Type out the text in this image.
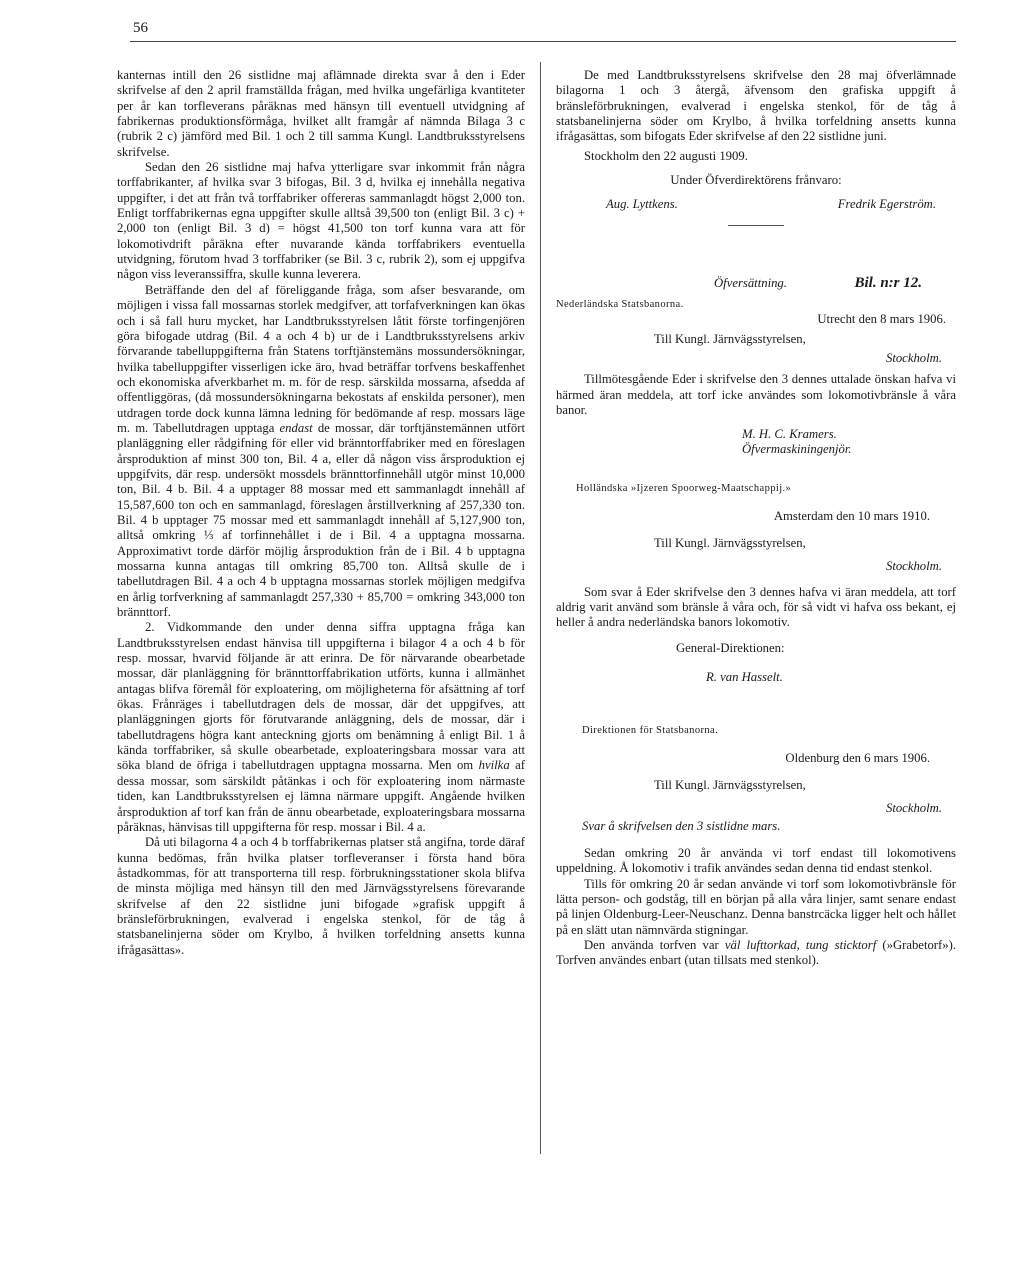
56

kanternas intill den 26 sistlidne maj aflämnade direkta svar å den i Eder skrifvelse af den 2 april framställda frågan, med hvilka ungefärliga kvantiteter per år kan torfleverans påräknas med hänsyn till eventuell utvidgning af fabrikernas produktionsförmåga, hvilket allt framgår af nämnda Bilaga 3 c (rubrik 2 c) jämförd med Bil. 1 och 2 till samma Kungl. Landtbruksstyrelsens skrifvelse.

Sedan den 26 sistlidne maj hafva ytterligare svar inkommit från några torffabrikanter, af hvilka svar 3 bifogas, Bil. 3 d, hvilka ej innehålla negativa uppgifter, i det att från två torffabriker offereras sammanlagdt högst 2,000 ton. Enligt torffabrikernas egna uppgifter skulle alltså 39,500 ton (enligt Bil. 3 c) + 2,000 ton (enligt Bil. 3 d) = högst 41,500 ton torf kunna vara att för lokomotivdrift påräkna efter nuvarande kända torffabrikers eventuella utvidgning, förutom hvad 3 torffabriker (se Bil. 3 c, rubrik 2), som ej uppgifva någon viss leveranssiffra, skulle kunna leverera.

Beträffande den del af föreliggande fråga, som afser besvarande, om möjligen i vissa fall mossarnas storlek medgifver, att torfafverkningen kan ökas och i så fall huru mycket, har Landtbruksstyrelsen låtit förste torfingenjören göra bifogade utdrag (Bil. 4 a och 4 b) ur de i Landtbruksstyrelsens arkiv förvarande tabelluppgifterna från Statens torftjänstemäns mossundersökningar, hvilka tabelluppgifter visserligen icke äro, hvad beträffar torfvens beskaffenhet och ekonomiska afverkbarhet m. m. för de resp. särskilda mossarna, afsedda af offentliggöras, (då mossundersökningarna bekostats af enskilda personer), men utdragen torde dock kunna lämna ledning för bedömande af resp. mossars läge m. m. Tabellutdragen upptaga endast de mossar, där torftjänstemännen utfört planläggning eller rådgifning för eller vid bränntorffabriker med en föreslagen årsproduktion af minst 300 ton, Bil. 4 a, eller då någon viss årsproduktion ej uppgifvits, där resp. undersökt mossdels brännttorfinnehåll utgör minst 10,000 ton, Bil. 4 b. Bil. 4 a upptager 88 mossar med ett sammanlagdt innehåll af 15,587,600 ton och en sammanlagd, föreslagen årstillverkning af 257,330 ton. Bil. 4 b upptager 75 mossar med ett sammanlagdt innehåll af 5,127,900 ton, alltså omkring ⅓ af torfinnehållet i de i Bil. 4 a upptagna mossarna. Approximativt torde därför möjlig årsproduktion från de i Bil. 4 b upptagna mossarna kunna antagas till omkring 85,700 ton. Alltså skulle de i tabellutdragen Bil. 4 a och 4 b upptagna mossarnas storlek möjligen medgifva en årlig torfverkning af sammanlagdt 257,330 + 85,700 = omkring 343,000 ton brännttorf.

2. Vidkommande den under denna siffra upptagna fråga kan Landtbruksstyrelsen endast hänvisa till uppgifterna i bilagor 4 a och 4 b för resp. mossar, hvarvid följande är att erinra. De för närvarande obearbetade mossar, där planläggning för brännttorffabrikation utförts, kunna i allmänhet antagas blifva föremål för exploatering, om möjligheterna för afsättning af torf ökas. Frånräges i tabellutdragen dels de mossar, där det uppgifves, att planläggningen gjorts för förutvarande anläggning, dels de mossar, där i tabellutdragens högra kant anteckning gjorts om benämning å enligt Bil. 1 å kända torffabriker, så skulle obearbetade, exploateringsbara mossar vara att söka bland de öfriga i tabellutdragen upptagna mossarna. Men om hvilka af dessa mossar, som särskildt påtänkas i och för exploatering inom närmaste tiden, kan Landtbruksstyrelsen ej lämna närmare uppgift. Angående hvilken årsproduktion af torf kan från de ännu obearbetade, exploateringsbara mossarna påräknas, hänvisas till uppgifterna för resp. mossar i Bil. 4 a.

Då uti bilagorna 4 a och 4 b torffabrikernas platser stå angifna, torde däraf kunna bedömas, från hvilka platser torfleveranser i första hand böra åstadkommas, för att transporterna till resp. förbrukningsstationer skola blifva de minsta möjliga med hänsyn till den med Järnvägsstyrelsens förevarande skrifvelse af den 22 sistlidne juni bifogade »grafisk uppgift å bränsleförbrukningen, evalverad i engelska stenkol, för de tåg å statsbanelinjerna söder om Krylbo, å hvilken torfeldning ansetts kunna ifrågasättas».

De med Landtbruksstyrelsens skrifvelse den 28 maj öfverlämnade bilagorna 1 och 3 återgå, äfvensom den grafiska uppgift å bränsleförbrukningen, evalverad i engelska stenkol, för de tåg å statsbanelinjerna söder om Krylbo, å hvilka torfeldning ansetts kunna ifrågasättas, som bifogats Eder skrifvelse af den 22 sistlidne juni.

Stockholm den 22 augusti 1909.

Under Öfverdirektörens frånvaro:

Aug. Lyttkens.	Fredrik Egerström.
Öfversättning.	Bil. n:r 12.

Nederländska Statsbanorna.

Utrecht den 8 mars 1906.

Till Kungl. Järnvägsstyrelsen,

Stockholm.

Tillmötesgående Eder i skrifvelse den 3 dennes uttalade önskan hafva vi härmed äran meddela, att torf icke användes som lokomotivbränsle å våra banor.

M. H. C. Kramers.

Öfvermaskiningenjör.

Holländska »Ijzeren Spoorweg-Maatschappij.»

Amsterdam den 10 mars 1910.

Till Kungl. Järnvägsstyrelsen,

Stockholm.

Som svar å Eder skrifvelse den 3 dennes hafva vi äran meddela, att torf aldrig varit använd som bränsle å våra och, för så vidt vi hafva oss bekant, ej heller å andra nederländska banors lokomotiv.

General-Direktionen:

R. van Hasselt.

Direktionen för Statsbanorna.

Oldenburg den 6 mars 1906.

Till Kungl. Järnvägsstyrelsen,

Stockholm.

Svar å skrifvelsen den 3 sistlidne mars.

Sedan omkring 20 år använda vi torf endast till lokomotivens uppeldning. Å lokomotiv i trafik användes sedan denna tid endast stenkol.

Tills för omkring 20 år sedan använde vi torf som lokomotivbränsle för lätta person- och godståg, till en början på alla våra linjer, samt senare endast på linjen Oldenburg-Leer-Neuschanz. Denna banstrcäcka ligger helt och hållet på en slätt utan nämnvärda stigningar.

Den använda torfven var väl lufttorkad, tung sticktorf (»Grabetorf»). Torfven användes enbart (utan tillsats med stenkol).
